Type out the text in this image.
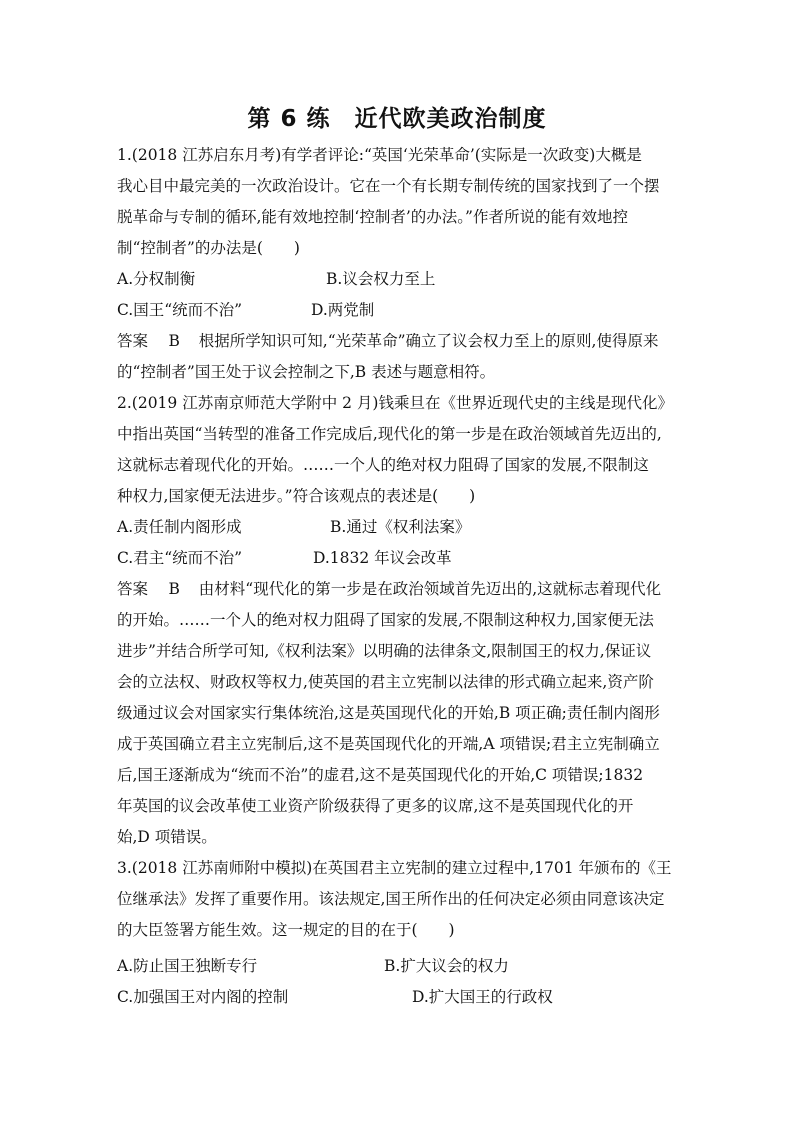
第 6 练　近代欧美政治制度
1.(2018 江苏启东月考)有学者评论:“英国‘光荣革命’(实际是一次政变)大概是
我心目中最完美的一次政治设计。它在一个有长期专制传统的国家找到了一个摆
脱革命与专制的循环,能有效地控制‘控制者’的办法。”作者所说的能有效地控
制“控制者”的办法是(　　)
A.分权制衡	B.议会权力至上
C.国王“统而不治”	D.两党制
答案　 B 根据所学知识可知,“光荣革命”确立了议会权力至上的原则,使得原来
的“控制者”国王处于议会控制之下,B 表述与题意相符。
2.(2019 江苏南京师范大学附中 2 月)钱乘旦在《世界近现代史的主线是现代化》
中指出英国“当转型的准备工作完成后,现代化的第一步是在政治领域首先迈出的,
这就标志着现代化的开始。……一个人的绝对权力阻碍了国家的发展,不限制这
种权力,国家便无法进步。”符合该观点的表述是(　　)
A.责任制内阁形成	B.通过《权利法案》
C.君主“统而不治”	D.1832 年议会改革
答案　 B 由材料“现代化的第一步是在政治领域首先迈出的,这就标志着现代化
的开始。……一个人的绝对权力阻碍了国家的发展,不限制这种权力,国家便无法
进步”并结合所学可知,《权利法案》以明确的法律条文,限制国王的权力,保证议
会的立法权、财政权等权力,使英国的君主立宪制以法律的形式确立起来,资产阶
级通过议会对国家实行集体统治,这是英国现代化的开始,B 项正确;责任制内阁形
成于英国确立君主立宪制后,这不是英国现代化的开端,A 项错误;君主立宪制确立
后,国王逐渐成为“统而不治”的虚君,这不是英国现代化的开始,C 项错误;1832
年英国的议会改革使工业资产阶级获得了更多的议席,这不是英国现代化的开
始,D 项错误。
3.(2018 江苏南师附中模拟)在英国君主立宪制的建立过程中,1701 年颁布的《王
位继承法》发挥了重要作用。该法规定,国王所作出的任何决定必须由同意该决定
的大臣签署方能生效。这一规定的目的在于(　　)
A.防止国王独断专行	B.扩大议会的权力
C.加强国王对内阁的控制	D.扩大国王的行政权
